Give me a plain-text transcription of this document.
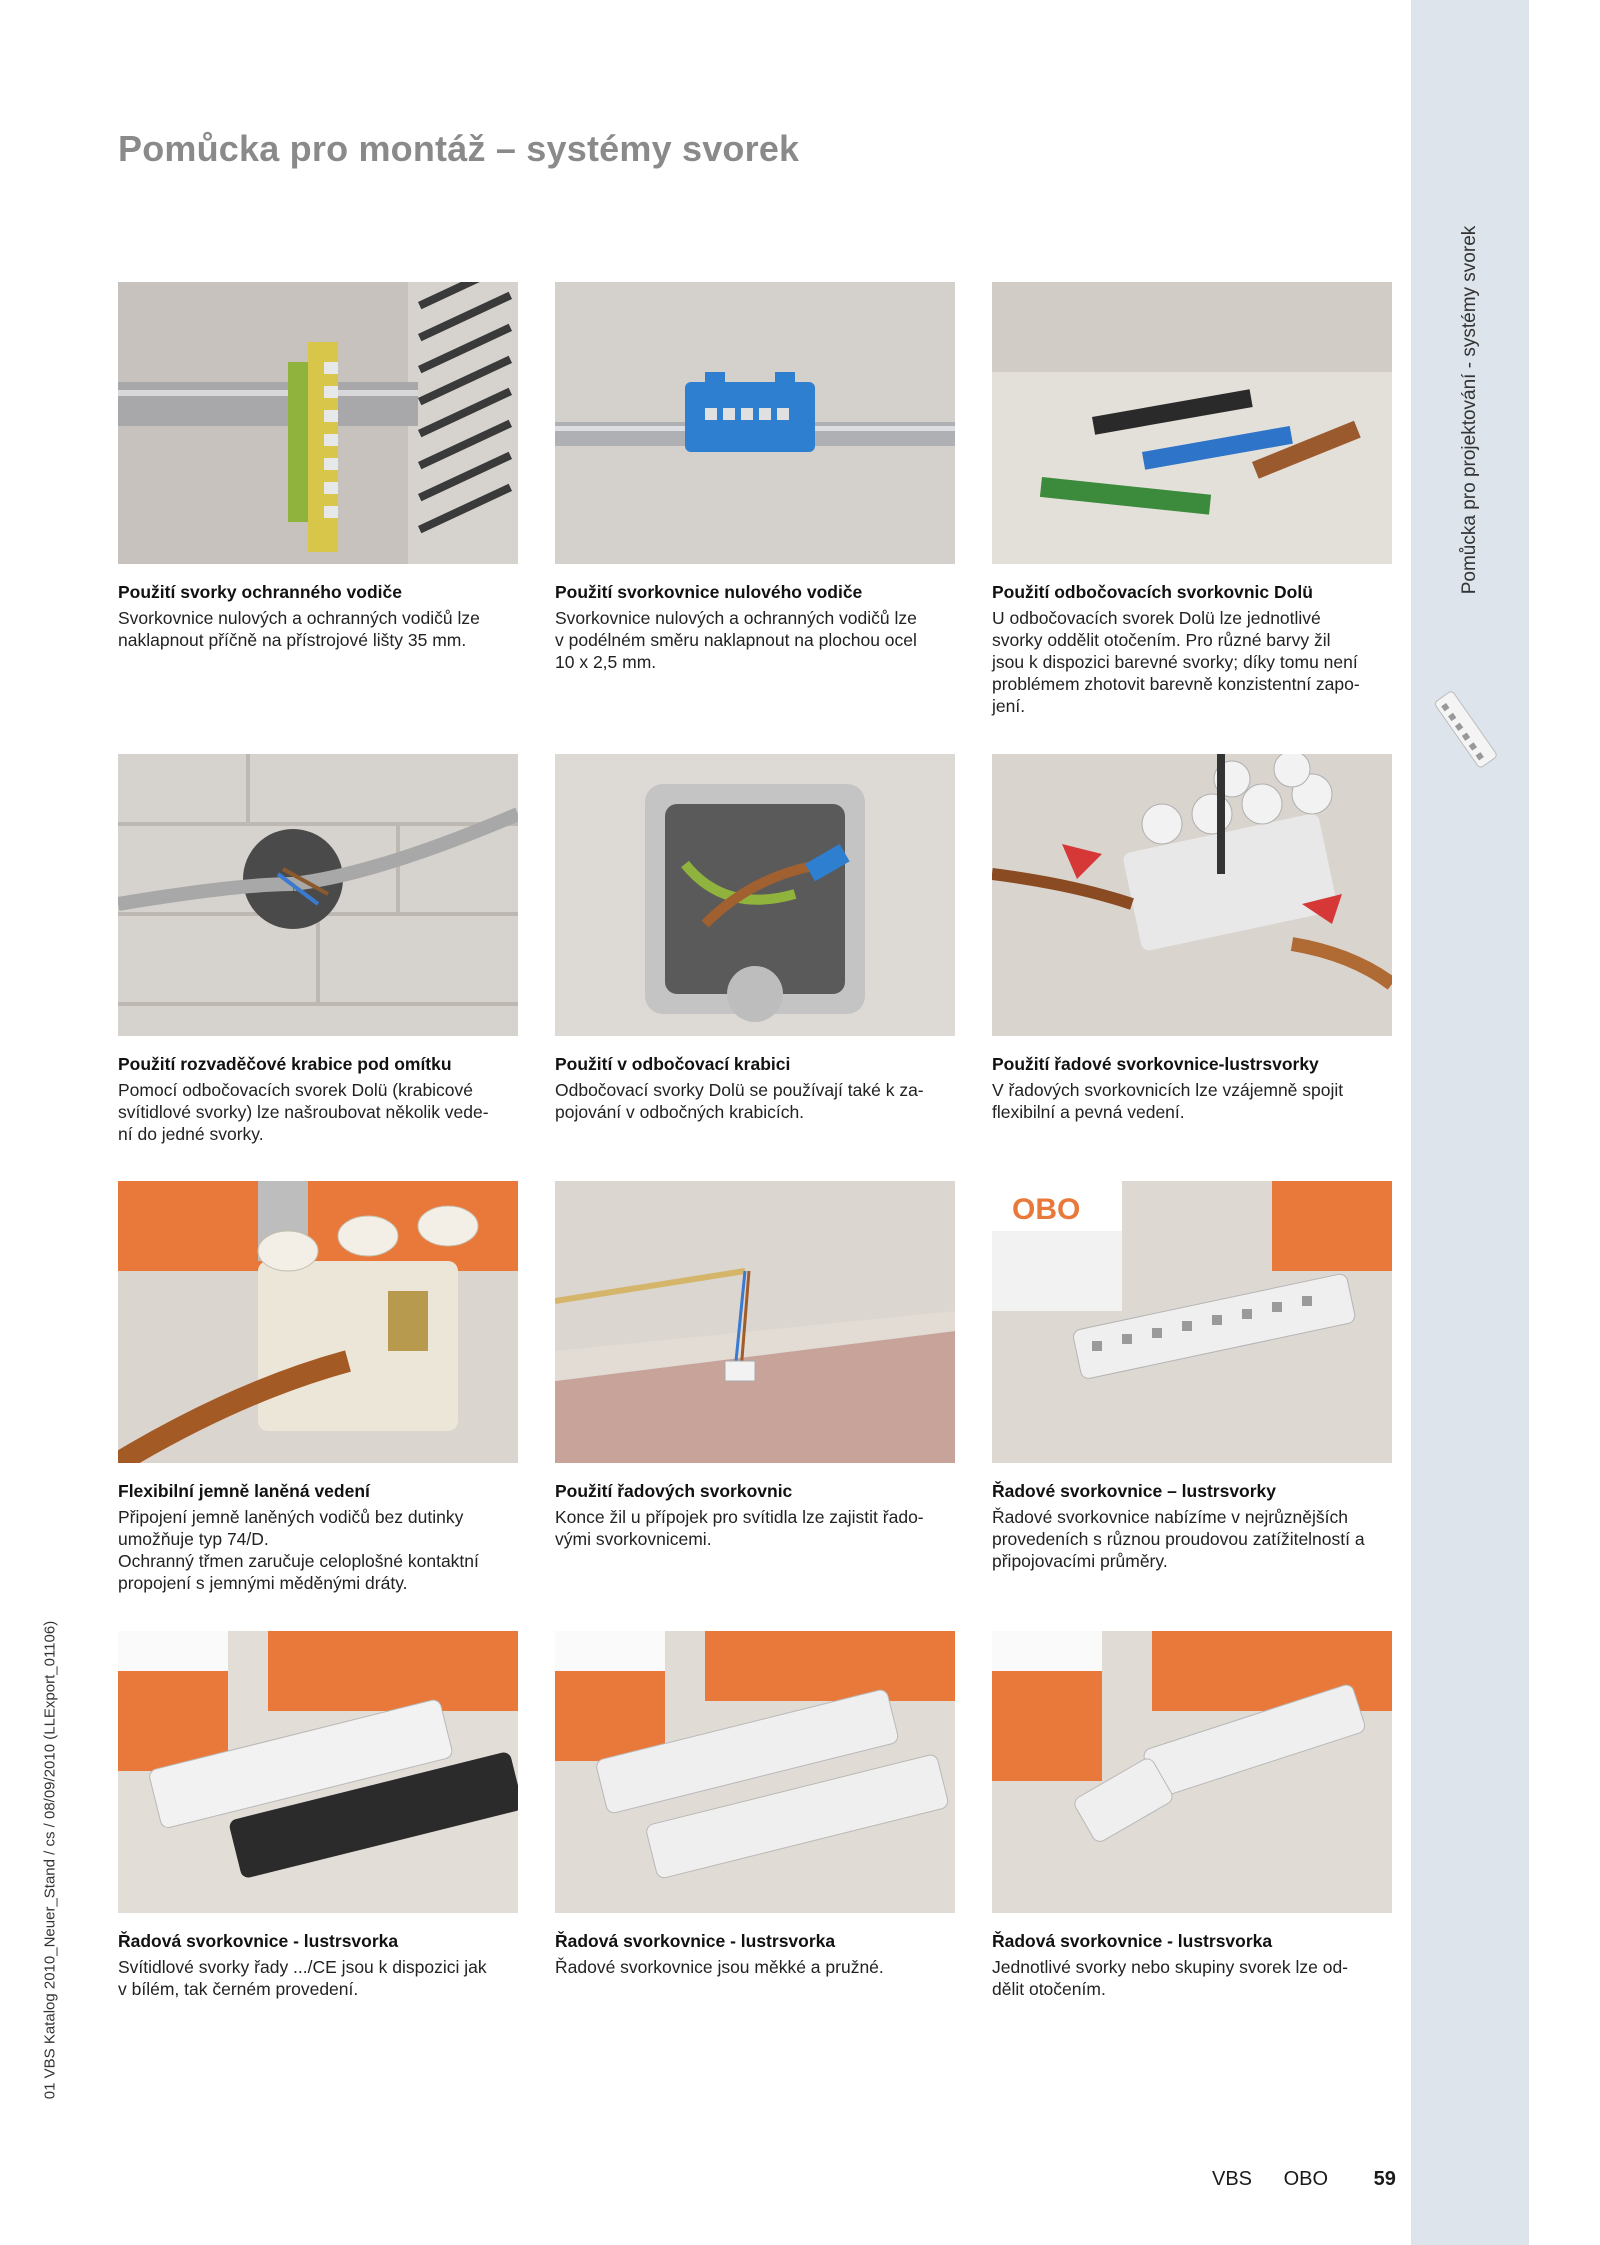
Pomůcka pro montáž – systémy svorek
Pomůcka pro projektování - systémy svorek
01 VBS Katalog 2010_Neuer_Stand / cs / 08/09/2010 (LLExport_01106)
VBS OBO 59
Použití svorky ochranného vodiče

Svorkovnice nulových a ochranných vodičů lze
naklapnout příčně na přístrojové lišty 35 mm.

Použití svorkovnice nulového vodiče

Svorkovnice nulových a ochranných vodičů lze
v podélném směru naklapnout na plochou ocel
10 x 2,5 mm.

Použití odbočovacích svorkovnic Dolü

U odbočovacích svorek Dolü lze jednotlivé
svorky oddělit otočením. Pro různé barvy žil
jsou k dispozici barevné svorky; díky tomu není
problémem zhotovit barevně konzistentní zapo-
jení.

Použití rozvaděčové krabice pod omítku

Pomocí odbočovacích svorek Dolü (krabicové
svítidlové svorky) lze našroubovat několik vede-
ní do jedné svorky.

Použití v odbočovací krabici

Odbočovací svorky Dolü se používají také k za-
pojování v odbočných krabicích.

Použití řadové svorkovnice-lustrsvorky

V řadových svorkovnicích lze vzájemně spojit
flexibilní a pevná vedení.

Flexibilní jemně laněná vedení

Připojení jemně laněných vodičů bez dutinky
umožňuje typ 74/D.
Ochranný třmen zaručuje celoplošné kontaktní
propojení s jemnými měděnými dráty.

Použití řadových svorkovnic

Konce žil u přípojek pro svítidla lze zajistit řado-
vými svorkovnicemi.

OBO
Řadové svorkovnice – lustrsvorky

Řadové svorkovnice nabízíme v nejrůznějších
provedeních s různou proudovou zatížitelností a
připojovacími průměry.

Řadová svorkovnice - lustrsvorka

Svítidlové svorky řady .../CE jsou k dispozici jak
v bílém, tak černém provedení.

Řadová svorkovnice - lustrsvorka

Řadové svorkovnice jsou měkké a pružné.

Řadová svorkovnice - lustrsvorka

Jednotlivé svorky nebo skupiny svorek lze od-
dělit otočením.
